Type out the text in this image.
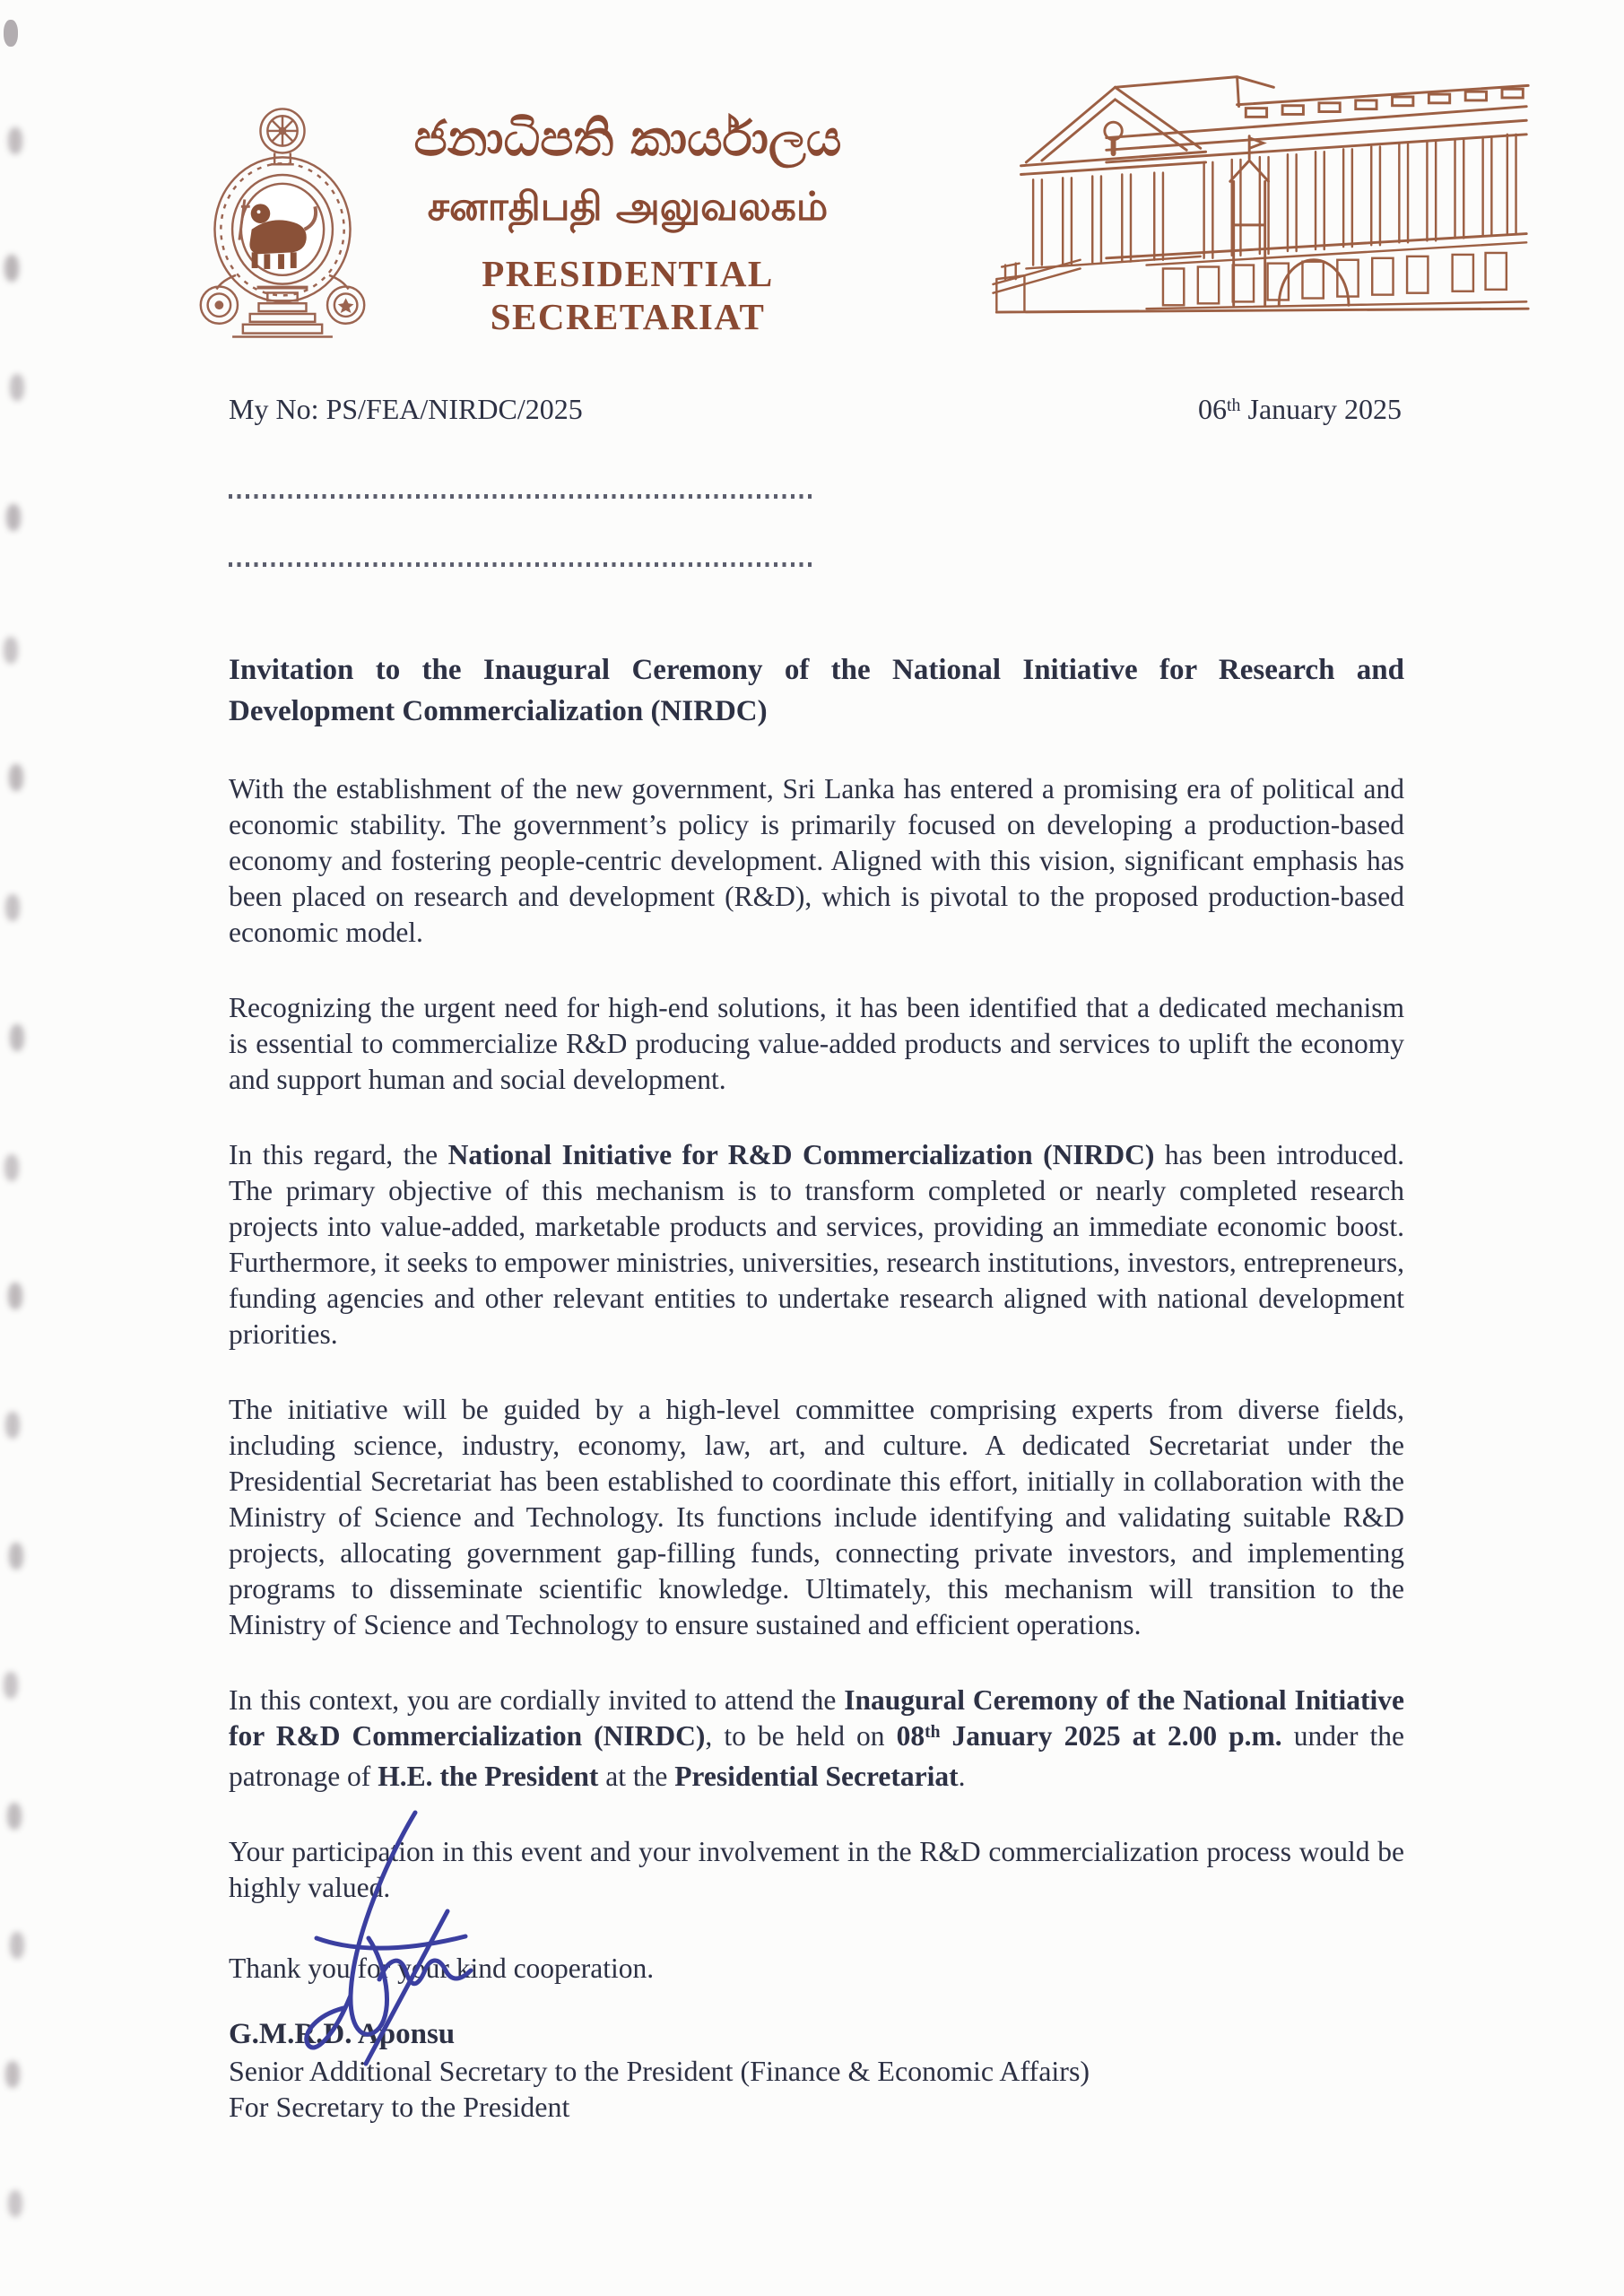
ජනාධිපති කාර්යාලය
சனாதிபதி அலுவலகம்
PRESIDENTIAL SECRETARIAT
My No: PS/FEA/NIRDC/2025	06th January 2025
Invitation to the Inaugural Ceremony of the National Initiative for Research and Development Commercialization (NIRDC)

With the establishment of the new government, Sri Lanka has entered a promising era of political and economic stability. The government’s policy is primarily focused on developing a production-based economy and fostering people-centric development. Aligned with this vision, significant emphasis has been placed on research and development (R&D), which is pivotal to the proposed production-based economic model.

Recognizing the urgent need for high-end solutions, it has been identified that a dedicated mechanism is essential to commercialize R&D producing value-added products and services to uplift the economy and support human and social development.

In this regard, the National Initiative for R&D Commercialization (NIRDC) has been introduced. The primary objective of this mechanism is to transform completed or nearly completed research projects into value-added, marketable products and services, providing an immediate economic boost. Furthermore, it seeks to empower ministries, universities, research institutions, investors, entrepreneurs, funding agencies and other relevant entities to undertake research aligned with national development priorities.

The initiative will be guided by a high-level committee comprising experts from diverse fields, including science, industry, economy, law, art, and culture. A dedicated Secretariat under the Presidential Secretariat has been established to coordinate this effort, initially in collaboration with the Ministry of Science and Technology. Its functions include identifying and validating suitable R&D projects, allocating government gap-filling funds, connecting private investors, and implementing programs to disseminate scientific knowledge. Ultimately, this mechanism will transition to the Ministry of Science and Technology to ensure sustained and efficient operations.

In this context, you are cordially invited to attend the Inaugural Ceremony of the National Initiative for R&D Commercialization (NIRDC), to be held on 08th January 2025 at 2.00 p.m. under the patronage of H.E. the President at the Presidential Secretariat.

Your participation in this event and your involvement in the R&D commercialization process would be highly valued.

Thank you for your kind cooperation.

G.M.R.D. Aponsu
Senior Additional Secretary to the President (Finance & Economic Affairs)
For Secretary to the President
